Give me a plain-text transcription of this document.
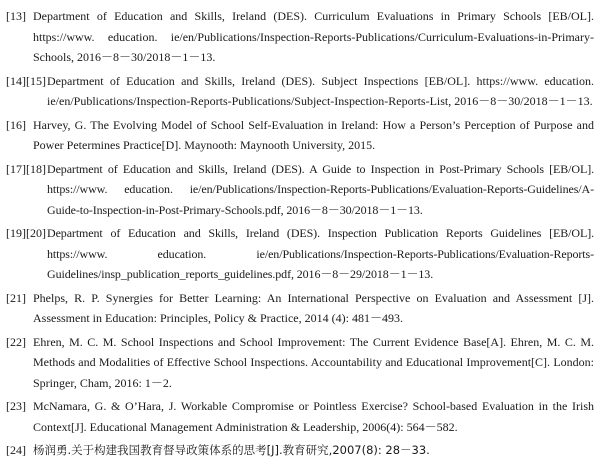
[13] Department of Education and Skills, Ireland (DES). Curriculum Evaluations in Primary Schools [EB/OL]. https://www. education. ie/en/Publications/Inspection-Reports-Publications/Curriculum-Evaluations-in-Primary-Schools, 2016－8－30/2018－1－13.
[14][15] Department of Education and Skills, Ireland (DES). Subject Inspections [EB/OL]. https://www. education. ie/en/Publications/Inspection-Reports-Publications/Subject-Inspection-Reports-List, 2016－8－30/2018－1－13.
[16] Harvey, G. The Evolving Model of School Self-Evaluation in Ireland: How a Person’s Perception of Purpose and Power Petermines Practice[D]. Maynooth: Maynooth University, 2015.
[17][18] Department of Education and Skills, Ireland (DES). A Guide to Inspection in Post-Primary Schools [EB/OL]. https://www. education. ie/en/Publications/Inspection-Reports-Publications/Evaluation-Reports-Guidelines/A-Guide-to-Inspection-in-Post-Primary-Schools.pdf, 2016－8－30/2018－1－13.
[19][20] Department of Education and Skills, Ireland (DES). Inspection Publication Reports Guidelines [EB/OL]. https://www. education. ie/en/Publications/Inspection-Reports-Publications/Evaluation-Reports-Guidelines/insp_publication_reports_guidelines.pdf, 2016－8－29/2018－1－13.
[21] Phelps, R. P. Synergies for Better Learning: An International Perspective on Evaluation and Assessment [J]. Assessment in Education: Principles, Policy & Practice, 2014 (4): 481－493.
[22] Ehren, M. C. M. School Inspections and School Improvement: The Current Evidence Base[A]. Ehren, M. C. M. Methods and Modalities of Effective School Inspections. Accountability and Educational Improvement[C]. London: Springer, Cham, 2016: 1－2.
[23] McNamara, G. & O’Hara, J. Workable Compromise or Pointless Exercise? School-based Evaluation in the Irish Context[J]. Educational Management Administration & Leadership, 2006(4): 564－582.
[24] 杨润勇.关于构建我国教育督导政策体系的思考[J].教育研究,2007(8): 28－33.
